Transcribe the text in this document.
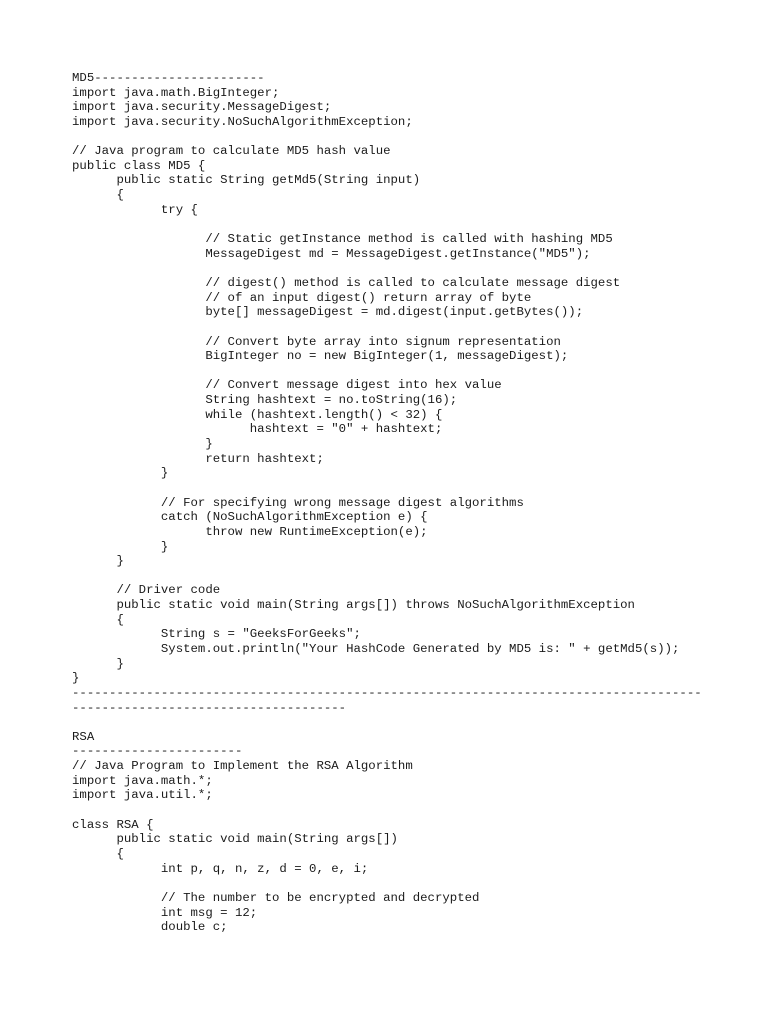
MD5-----------------------
import java.math.BigInteger;
import java.security.MessageDigest;
import java.security.NoSuchAlgorithmException;

// Java program to calculate MD5 hash value
public class MD5 {
public static String getMd5(String input)
{
try {

// Static getInstance method is called with hashing MD5
MessageDigest md = MessageDigest.getInstance("MD5");

// digest() method is called to calculate message digest
// of an input digest() return array of byte
byte[] messageDigest = md.digest(input.getBytes());

// Convert byte array into signum representation
BigInteger no = new BigInteger(1, messageDigest);

// Convert message digest into hex value
String hashtext = no.toString(16);
while (hashtext.length() < 32) {
hashtext = "0" + hashtext;
}
return hashtext;
}

// For specifying wrong message digest algorithms
catch (NoSuchAlgorithmException e) {
throw new RuntimeException(e);
}
}

// Driver code
public static void main(String args[]) throws NoSuchAlgorithmException
{
String s = "GeeksForGeeks";
System.out.println("Your HashCode Generated by MD5 is: " + getMd5(s));
}
}
-------------------------------------------------------------------------------------
-------------------------------------

RSA
-----------------------
// Java Program to Implement the RSA Algorithm
import java.math.*;
import java.util.*;

class RSA {
public static void main(String args[])
{
int p, q, n, z, d = 0, e, i;

// The number to be encrypted and decrypted
int msg = 12;
double c;
